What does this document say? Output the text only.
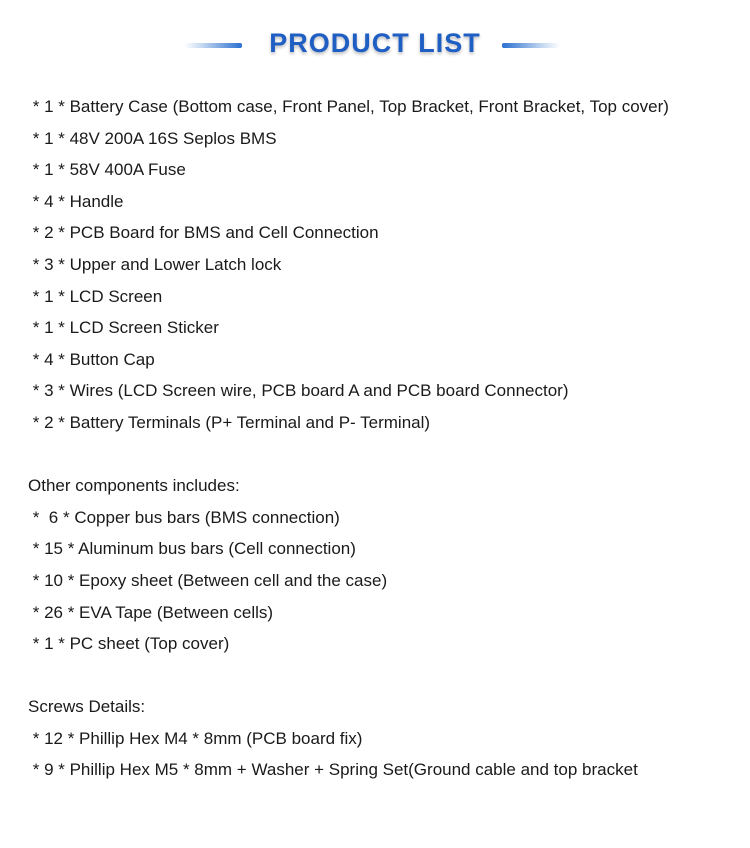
PRODUCT LIST

* 1 * Battery Case (Bottom case, Front Panel, Top Bracket, Front Bracket, Top cover)

* 1 * 48V 200A 16S Seplos BMS

* 1 * 58V 400A Fuse

* 4 * Handle

* 2 * PCB Board for BMS and Cell Connection

* 3 * Upper and Lower Latch lock

* 1 * LCD Screen

* 1 * LCD Screen Sticker

* 4 * Button Cap

* 3 * Wires (LCD Screen wire, PCB board A and PCB board Connector)

* 2 * Battery Terminals (P+ Terminal and P- Terminal)

Other components includes:

*  6 * Copper bus bars (BMS connection)

* 15 * Aluminum bus bars (Cell connection)

* 10 * Epoxy sheet (Between cell and the case)

* 26 * EVA Tape (Between cells)

* 1 * PC sheet (Top cover)

Screws Details:

* 12 * Phillip Hex M4 * 8mm (PCB board fix)

* 9 * Phillip Hex M5 * 8mm + Washer + Spring Set(Ground cable and top bracket
